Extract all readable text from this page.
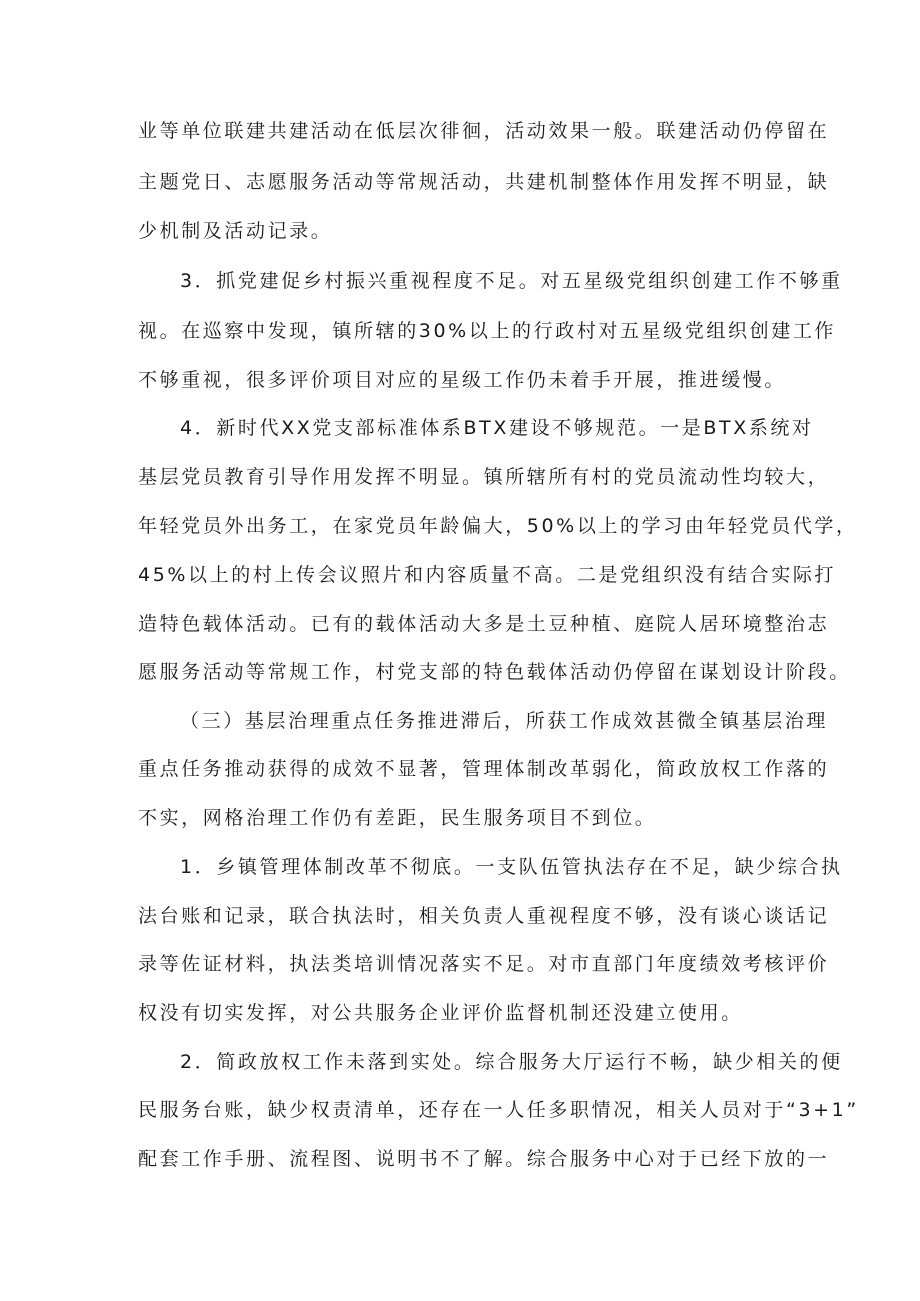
业等单位联建共建活动在低层次徘徊，活动效果一般。联建活动仍停留在
主题党日、志愿服务活动等常规活动，共建机制整体作用发挥不明显，缺
少机制及活动记录。
3．抓党建促乡村振兴重视程度不足。对五星级党组织创建工作不够重
视。在巡察中发现，镇所辖的30%以上的行政村对五星级党组织创建工作
不够重视，很多评价项目对应的星级工作仍未着手开展，推进缓慢。
4．新时代XX党支部标准体系BTX建设不够规范。一是BTX系统对
基层党员教育引导作用发挥不明显。镇所辖所有村的党员流动性均较大，
年轻党员外出务工，在家党员年龄偏大，50%以上的学习由年轻党员代学，
45%以上的村上传会议照片和内容质量不高。二是党组织没有结合实际打
造特色载体活动。已有的载体活动大多是土豆种植、庭院人居环境整治志
愿服务活动等常规工作，村党支部的特色载体活动仍停留在谋划设计阶段。
（三）基层治理重点任务推进滞后，所获工作成效甚微全镇基层治理
重点任务推动获得的成效不显著，管理体制改革弱化，简政放权工作落的
不实，网格治理工作仍有差距，民生服务项目不到位。
1．乡镇管理体制改革不彻底。一支队伍管执法存在不足，缺少综合执
法台账和记录，联合执法时，相关负责人重视程度不够，没有谈心谈话记
录等佐证材料，执法类培训情况落实不足。对市直部门年度绩效考核评价
权没有切实发挥，对公共服务企业评价监督机制还没建立使用。
2．简政放权工作未落到实处。综合服务大厅运行不畅，缺少相关的便
民服务台账，缺少权责清单，还存在一人任多职情况，相关人员对于“3+1”
配套工作手册、流程图、说明书不了解。综合服务中心对于已经下放的一
